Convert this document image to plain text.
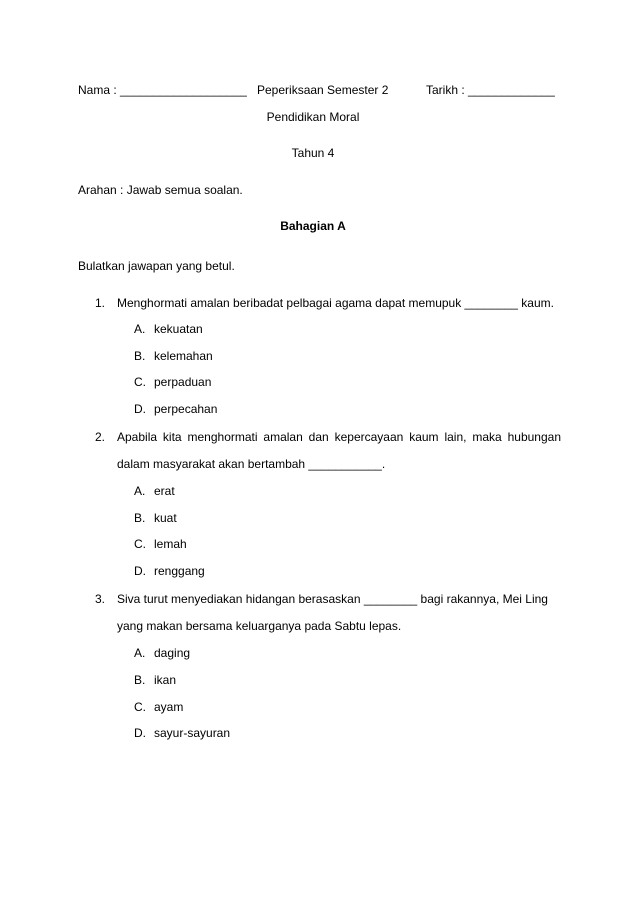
Nama : ___________________ Peperiksaan Semester 2	Tarikh : _____________
Pendidikan Moral
Tahun 4
Arahan : Jawab semua soalan.
Bahagian A
Bulatkan jawapan yang betul.
1. Menghormati amalan beribadat pelbagai agama dapat memupuk ________ kaum.
A. kekuatan
B. kelemahan
C. perpaduan
D. perpecahan
2. Apabila kita menghormati amalan dan kepercayaan kaum lain, maka hubungan
dalam masyarakat akan bertambah ___________.
A. erat
B. kuat
C. lemah
D. renggang
3. Siva turut menyediakan hidangan berasaskan ________ bagi rakannya, Mei Ling
yang makan bersama keluarganya pada Sabtu lepas.
A. daging
B. ikan
C. ayam
D. sayur-sayuran
